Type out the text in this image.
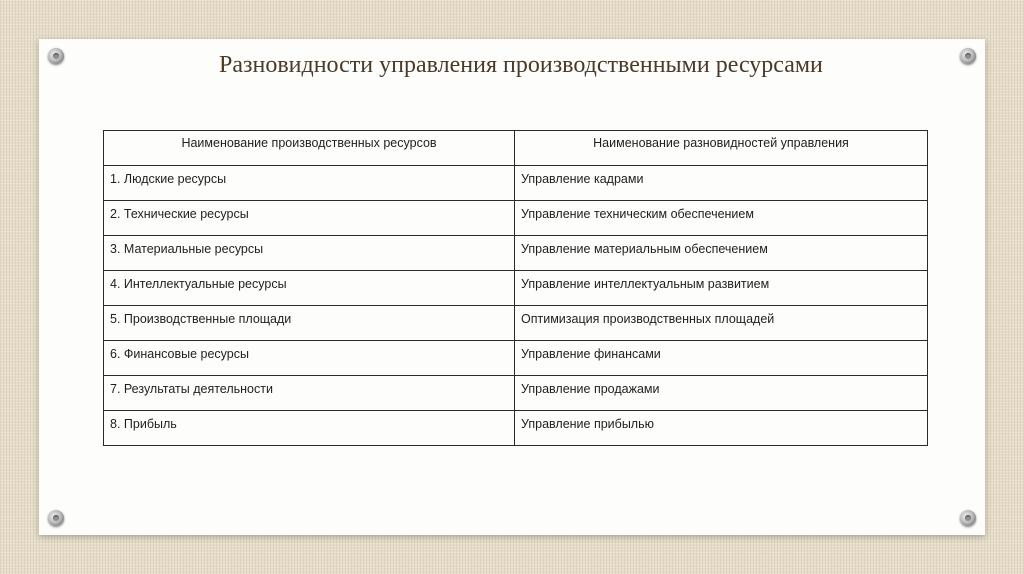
Разновидности управления производственными ресурсами
Наименование производственных ресурсов	Наименование разновидностей управления
1. Людские ресурсы	Управление кадрами
2. Технические ресурсы	Управление техническим обеспечением
3. Материальные ресурсы	Управление материальным обеспечением
4. Интеллектуальные ресурсы	Управление интеллектуальным развитием
5. Производственные площади	Оптимизация производственных площадей
6. Финансовые ресурсы	Управление финансами
7. Результаты деятельности	Управление продажами
8. Прибыль	Управление прибылью
